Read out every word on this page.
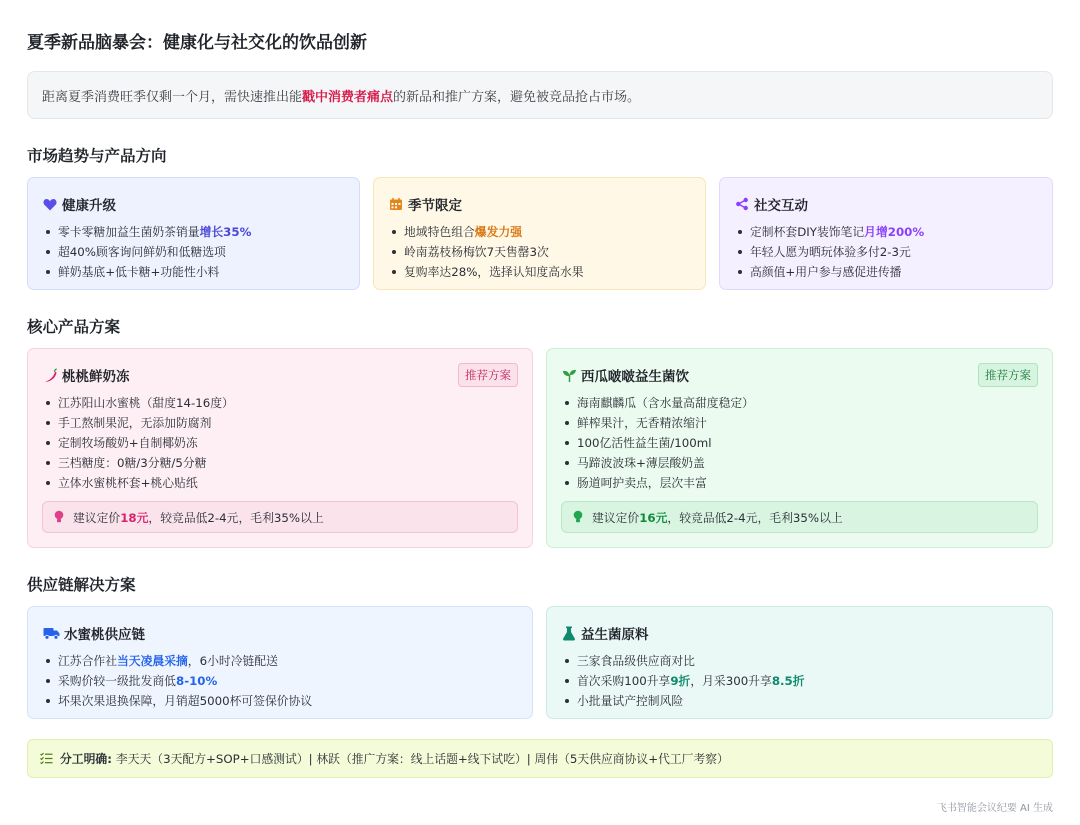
夏季新品脑暴会：健康化与社交化的饮品创新
距离夏季消费旺季仅剩一个月，需快速推出能戳中消费者痛点的新品和推广方案，避免被竞品抢占市场。
市场趋势与产品方向
健康升级
零卡零糖加益生菌奶茶销量增长35%
超40%顾客询问鲜奶和低糖选项
鲜奶基底+低卡糖+功能性小料
季节限定
地域特色组合爆发力强
岭南荔枝杨梅饮7天售罄3次
复购率达28%，选择认知度高水果
社交互动
定制杯套DIY装饰笔记月增200%
年轻人愿为晒玩体验多付2-3元
高颜值+用户参与感促进传播
核心产品方案
桃桃鲜奶冻	推荐方案
江苏阳山水蜜桃（甜度14-16度）
手工熬制果泥，无添加防腐剂
定制牧场酸奶+自制椰奶冻
三档糖度：0糖/3分糖/5分糖
立体水蜜桃杯套+桃心贴纸
建议定价18元，较竞品低2-4元，毛利35%以上
西瓜啵啵益生菌饮	推荐方案
海南麒麟瓜（含水量高甜度稳定）
鲜榨果汁，无香精浓缩汁
100亿活性益生菌/100ml
马蹄波波珠+薄层酸奶盖
肠道呵护卖点，层次丰富
建议定价16元，较竞品低2-4元，毛利35%以上
供应链解决方案
水蜜桃供应链
江苏合作社当天凌晨采摘，6小时冷链配送
采购价较一级批发商低8-10%
坏果次果退换保障，月销超5000杯可签保价协议
益生菌原料
三家食品级供应商对比
首次采购100升享9折，月采300升享8.5折
小批量试产控制风险
分工明确: 李天天（3天配方+SOP+口感测试）| 林跃（推广方案：线上话题+线下试吃）| 周伟（5天供应商协议+代工厂考察）
飞书智能会议纪要 AI 生成
